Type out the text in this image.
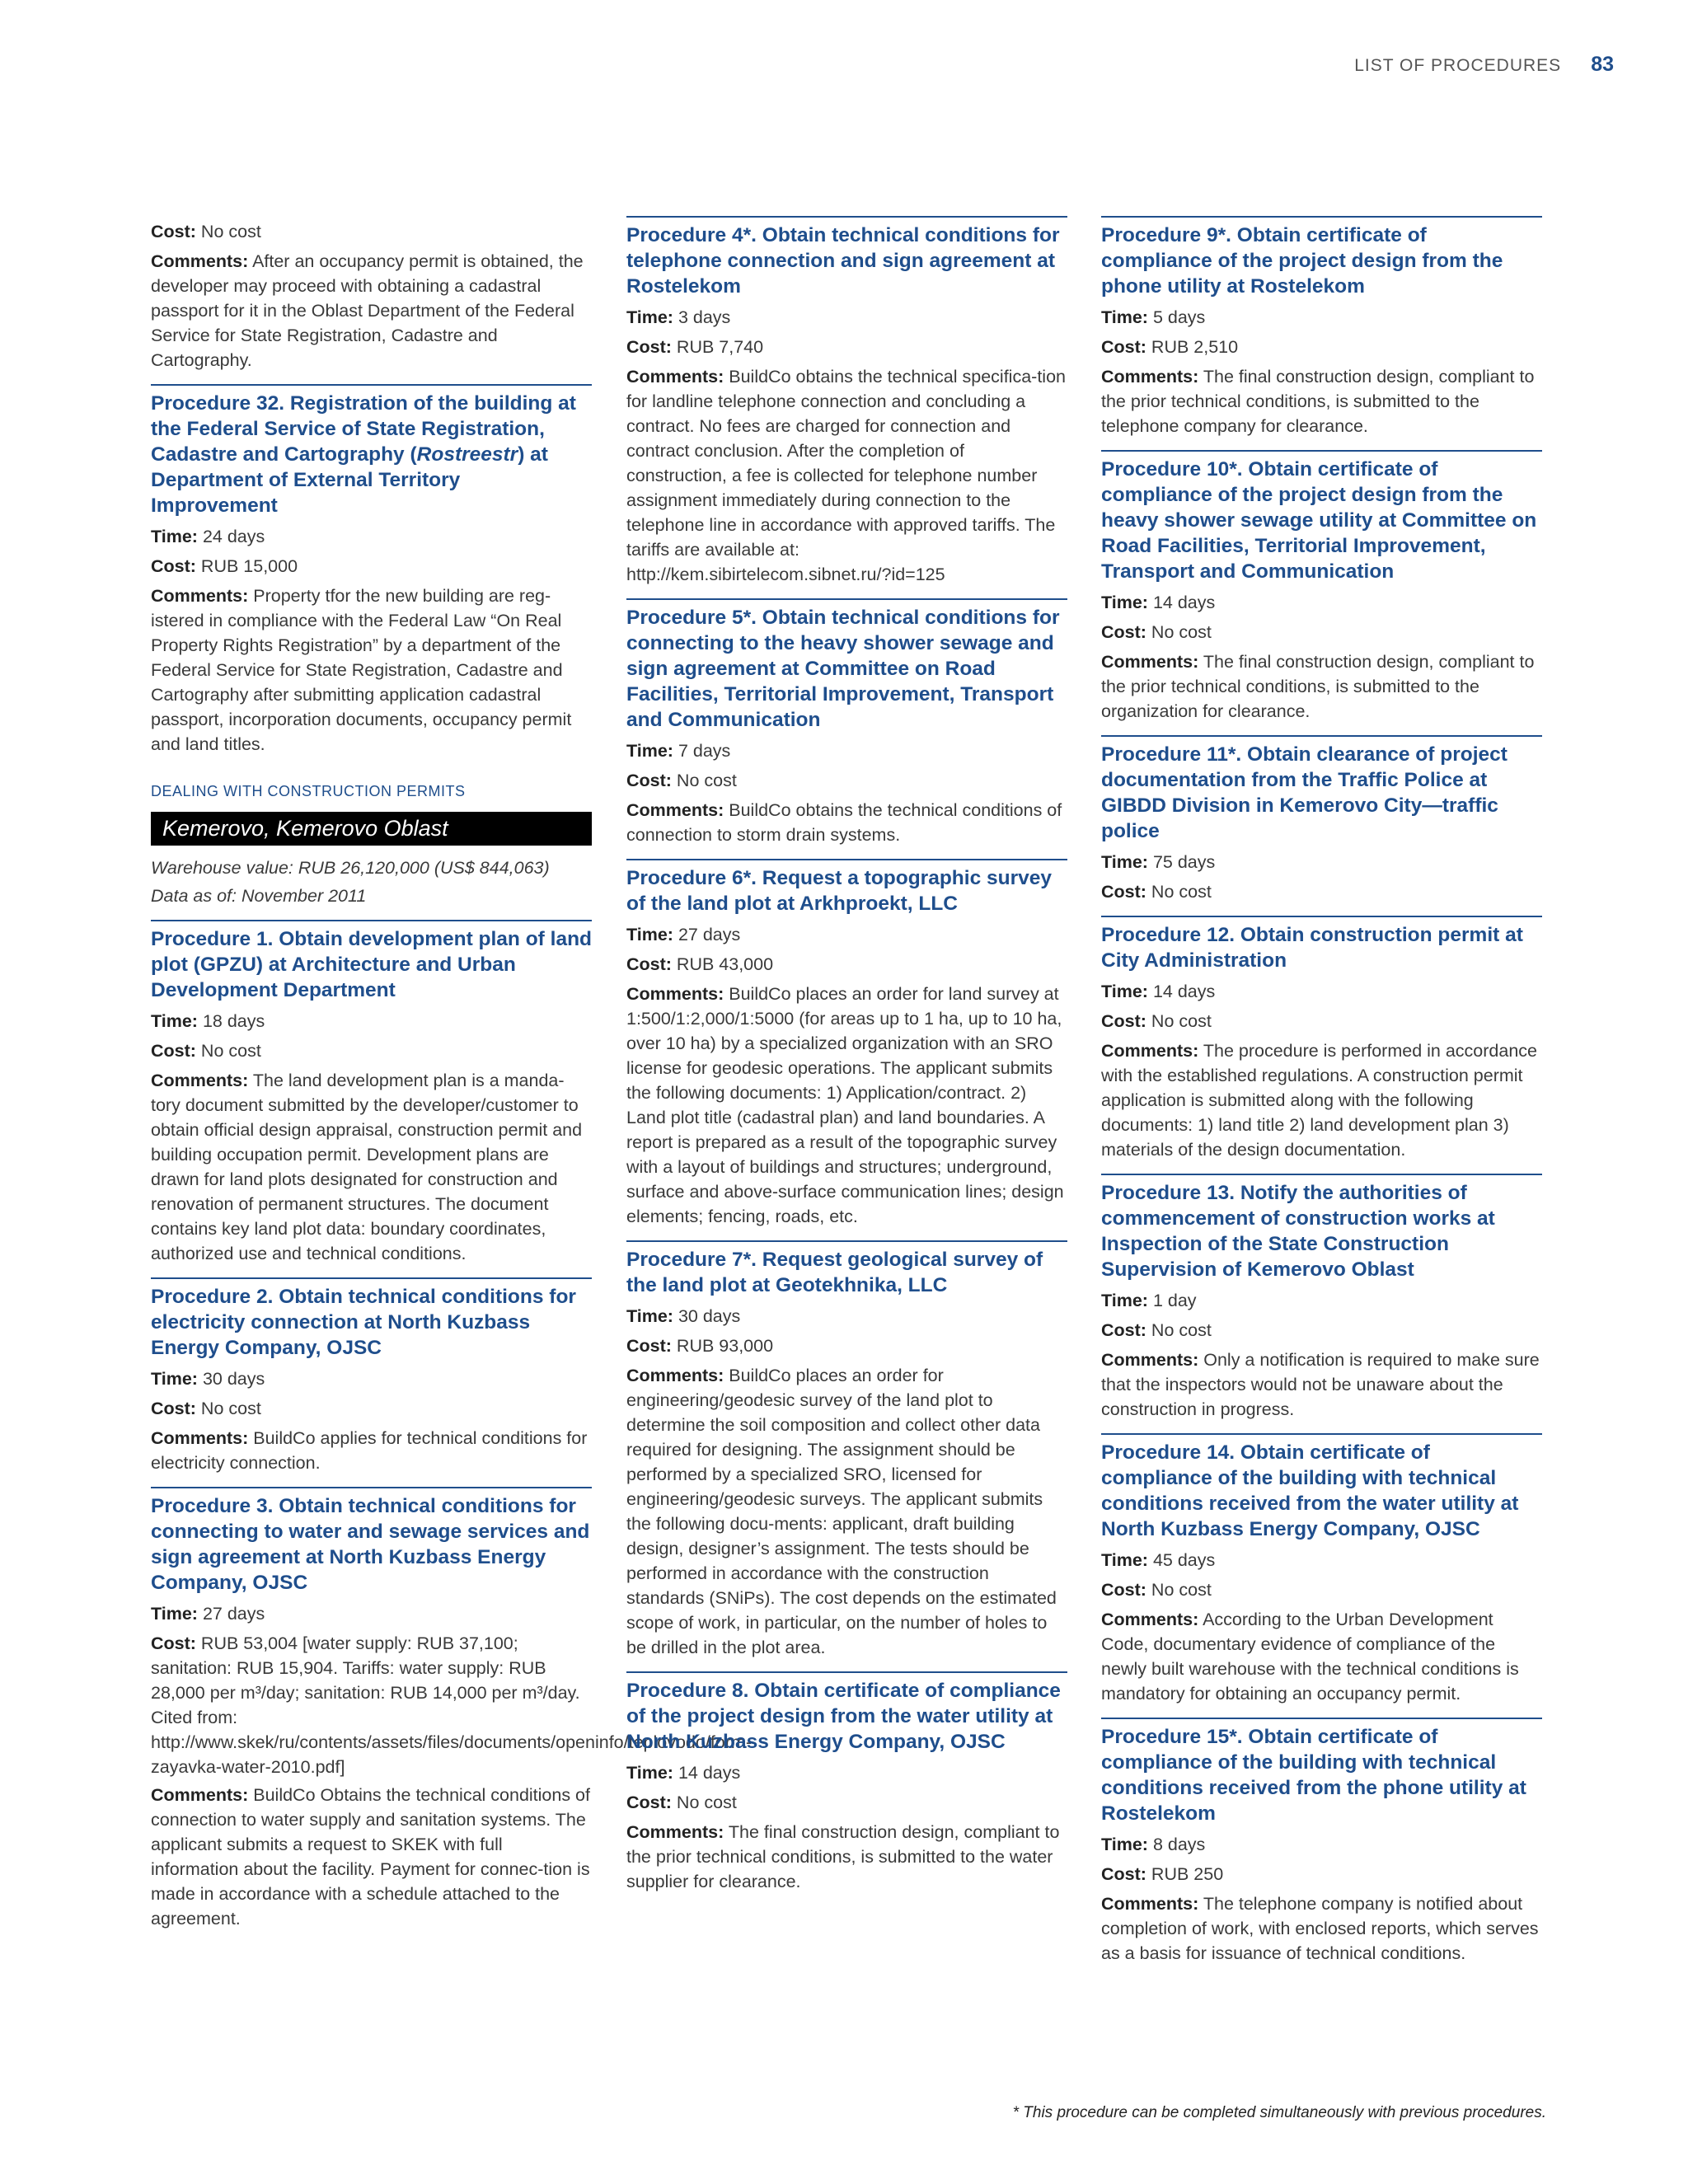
LIST OF PROCEDURES 83
Cost: No cost
Comments: After an occupancy permit is obtained, the developer may proceed with obtaining a cadastral passport for it in the Oblast Department of the Federal Service for State Registration, Cadastre and Cartography.
Procedure 32. Registration of the building at the Federal Service of State Registration, Cadastre and Cartography (Rostreestr) at Department of External Territory Improvement
Time: 24 days
Cost: RUB 15,000
Comments: Property tfor the new building are reg-istered in compliance with the Federal Law “On Real Property Rights Registration” by a department of the Federal Service for State Registration, Cadastre and Cartography after submitting application cadastral passport, incorporation documents, occupancy permit and land titles.
DEALING WITH CONSTRUCTION PERMITS
Kemerovo, Kemerovo Oblast
Warehouse value: RUB 26,120,000 (US$ 844,063)
Data as of: November 2011
Procedure 1. Obtain development plan of land plot (GPZU) at Architecture and Urban Development Department
Time: 18 days
Cost: No cost
Comments: The land development plan is a manda-tory document submitted by the developer/customer to obtain official design appraisal, construction permit and building occupation permit. Development plans are drawn for land plots designated for construction and renovation of permanent structures. The document contains key land plot data: boundary coordinates, authorized use and technical conditions.
Procedure 2. Obtain technical conditions for electricity connection at North Kuzbass Energy Company, OJSC
Time: 30 days
Cost: No cost
Comments: BuildCo applies for technical conditions for electricity connection.
Procedure 3. Obtain technical conditions for connecting to water and sewage services and sign agreement at North Kuzbass Energy Company, OJSC
Time: 27 days
Cost: RUB 53,004 [water supply: RUB 37,100; sanitation: RUB 15,904. Tariffs: water supply: RUB 28,000 per m³/day; sanitation: RUB 14,000 per m³/day. Cited from: http://www.skek/ru/contents/assets/files/documents/openinfo/teplovodo/form-zayavka-water-2010.pdf]
Comments: BuildCo Obtains the technical conditions of connection to water supply and sanitation systems. The applicant submits a request to SKEK with full information about the facility. Payment for connec-tion is made in accordance with a schedule attached to the agreement.
Procedure 4*. Obtain technical conditions for telephone connection and sign agreement at Rostelekom
Time: 3 days
Cost: RUB 7,740
Comments: BuildCo obtains the technical specifica-tion for landline telephone connection and concluding a contract. No fees are charged for connection and contract conclusion. After the completion of construction, a fee is collected for telephone number assignment immediately during connection to the telephone line in accordance with approved tariffs. The tariffs are available at: http://kem.sibirtelecom.sibnet.ru/?id=125
Procedure 5*. Obtain technical conditions for connecting to the heavy shower sewage and sign agreement at Committee on Road Facilities, Territorial Improvement, Transport and Communication
Time: 7 days
Cost: No cost
Comments: BuildCo obtains the technical conditions of connection to storm drain systems.
Procedure 6*. Request a topographic survey of the land plot at Arkhproekt, LLC
Time: 27 days
Cost: RUB 43,000
Comments: BuildCo places an order for land survey at 1:500/1:2,000/1:5000 (for areas up to 1 ha, up to 10 ha, over 10 ha) by a specialized organization with an SRO license for geodesic operations. The applicant submits the following documents: 1) Application/contract. 2) Land plot title (cadastral plan) and land boundaries. A report is prepared as a result of the topographic survey with a layout of buildings and structures; underground, surface and above-surface communication lines; design elements; fencing, roads, etc.
Procedure 7*. Request geological survey of the land plot at Geotekhnika, LLC
Time: 30 days
Cost: RUB 93,000
Comments: BuildCo places an order for engineering/geodesic survey of the land plot to determine the soil composition and collect other data required for designing. The assignment should be performed by a specialized SRO, licensed for engineering/geodesic surveys. The applicant submits the following docu-ments: applicant, draft building design, designer’s assignment. The tests should be performed in accordance with the construction standards (SNiPs). The cost depends on the estimated scope of work, in particular, on the number of holes to be drilled in the plot area.
Procedure 8. Obtain certificate of compliance of the project design from the water utility at North Kuzbass Energy Company, OJSC
Time: 14 days
Cost: No cost
Comments: The final construction design, compliant to the prior technical conditions, is submitted to the water supplier for clearance.
Procedure 9*. Obtain certificate of compliance of the project design from the phone utility at Rostelekom
Time: 5 days
Cost: RUB 2,510
Comments: The final construction design, compliant to the prior technical conditions, is submitted to the telephone company for clearance.
Procedure 10*. Obtain certificate of compliance of the project design from the heavy shower sewage utility at Committee on Road Facilities, Territorial Improvement, Transport and Communication
Time: 14 days
Cost: No cost
Comments: The final construction design, compliant to the prior technical conditions, is submitted to the organization for clearance.
Procedure 11*. Obtain clearance of project documentation from the Traffic Police at GIBDD Division in Kemerovo City—traffic police
Time: 75 days
Cost: No cost
Procedure 12. Obtain construction permit at City Administration
Time: 14 days
Cost: No cost
Comments: The procedure is performed in accordance with the established regulations. A construction permit application is submitted along with the following documents: 1) land title 2) land development plan 3) materials of the design documentation.
Procedure 13. Notify the authorities of commencement of construction works at Inspection of the State Construction Supervision of Kemerovo Oblast
Time: 1 day
Cost: No cost
Comments: Only a notification is required to make sure that the inspectors would not be unaware about the construction in progress.
Procedure 14. Obtain certificate of compliance of the building with technical conditions received from the water utility at North Kuzbass Energy Company, OJSC
Time: 45 days
Cost: No cost
Comments: According to the Urban Development Code, documentary evidence of compliance of the newly built warehouse with the technical conditions is mandatory for obtaining an occupancy permit.
Procedure 15*. Obtain certificate of compliance of the building with technical conditions received from the phone utility at Rostelekom
Time: 8 days
Cost: RUB 250
Comments: The telephone company is notified about completion of work, with enclosed reports, which serves as a basis for issuance of technical conditions.
* This procedure can be completed simultaneously with previous procedures.
